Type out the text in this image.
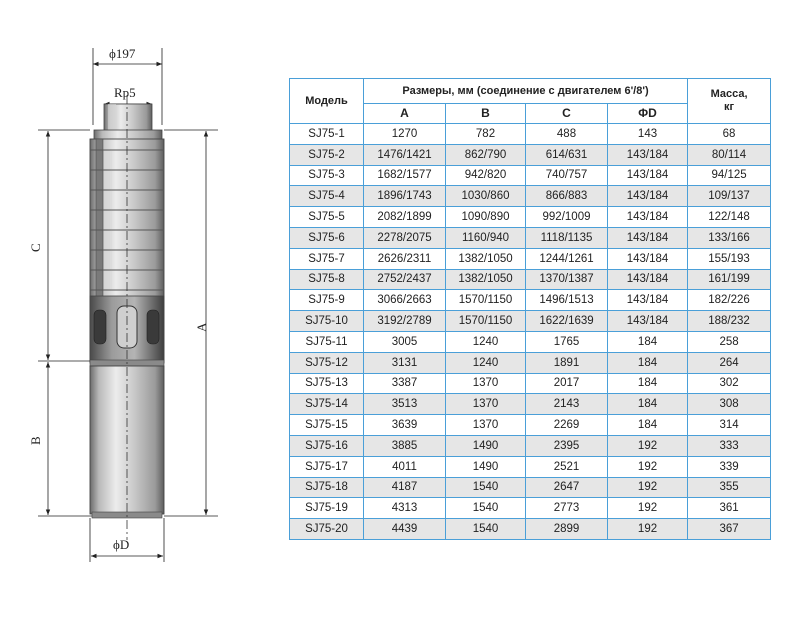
ϕ197
Rp5
C
B
A
ϕD
Модель	Размеры, мм (соединение с двигателем 6'/8')				Масса,
кг
	A	B	C	ΦD	
SJ75-1	1270	782	488	143	68
SJ75-2	1476/1421	862/790	614/631	143/184	80/114
SJ75-3	1682/1577	942/820	740/757	143/184	94/125
SJ75-4	1896/1743	1030/860	866/883	143/184	109/137
SJ75-5	2082/1899	1090/890	992/1009	143/184	122/148
SJ75-6	2278/2075	1160/940	1118/1135	143/184	133/166
SJ75-7	2626/2311	1382/1050	1244/1261	143/184	155/193
SJ75-8	2752/2437	1382/1050	1370/1387	143/184	161/199
SJ75-9	3066/2663	1570/1150	1496/1513	143/184	182/226
SJ75-10	3192/2789	1570/1150	1622/1639	143/184	188/232
SJ75-11	3005	1240	1765	184	258
SJ75-12	3131	1240	1891	184	264
SJ75-13	3387	1370	2017	184	302
SJ75-14	3513	1370	2143	184	308
SJ75-15	3639	1370	2269	184	314
SJ75-16	3885	1490	2395	192	333
SJ75-17	4011	1490	2521	192	339
SJ75-18	4187	1540	2647	192	355
SJ75-19	4313	1540	2773	192	361
SJ75-20	4439	1540	2899	192	367
